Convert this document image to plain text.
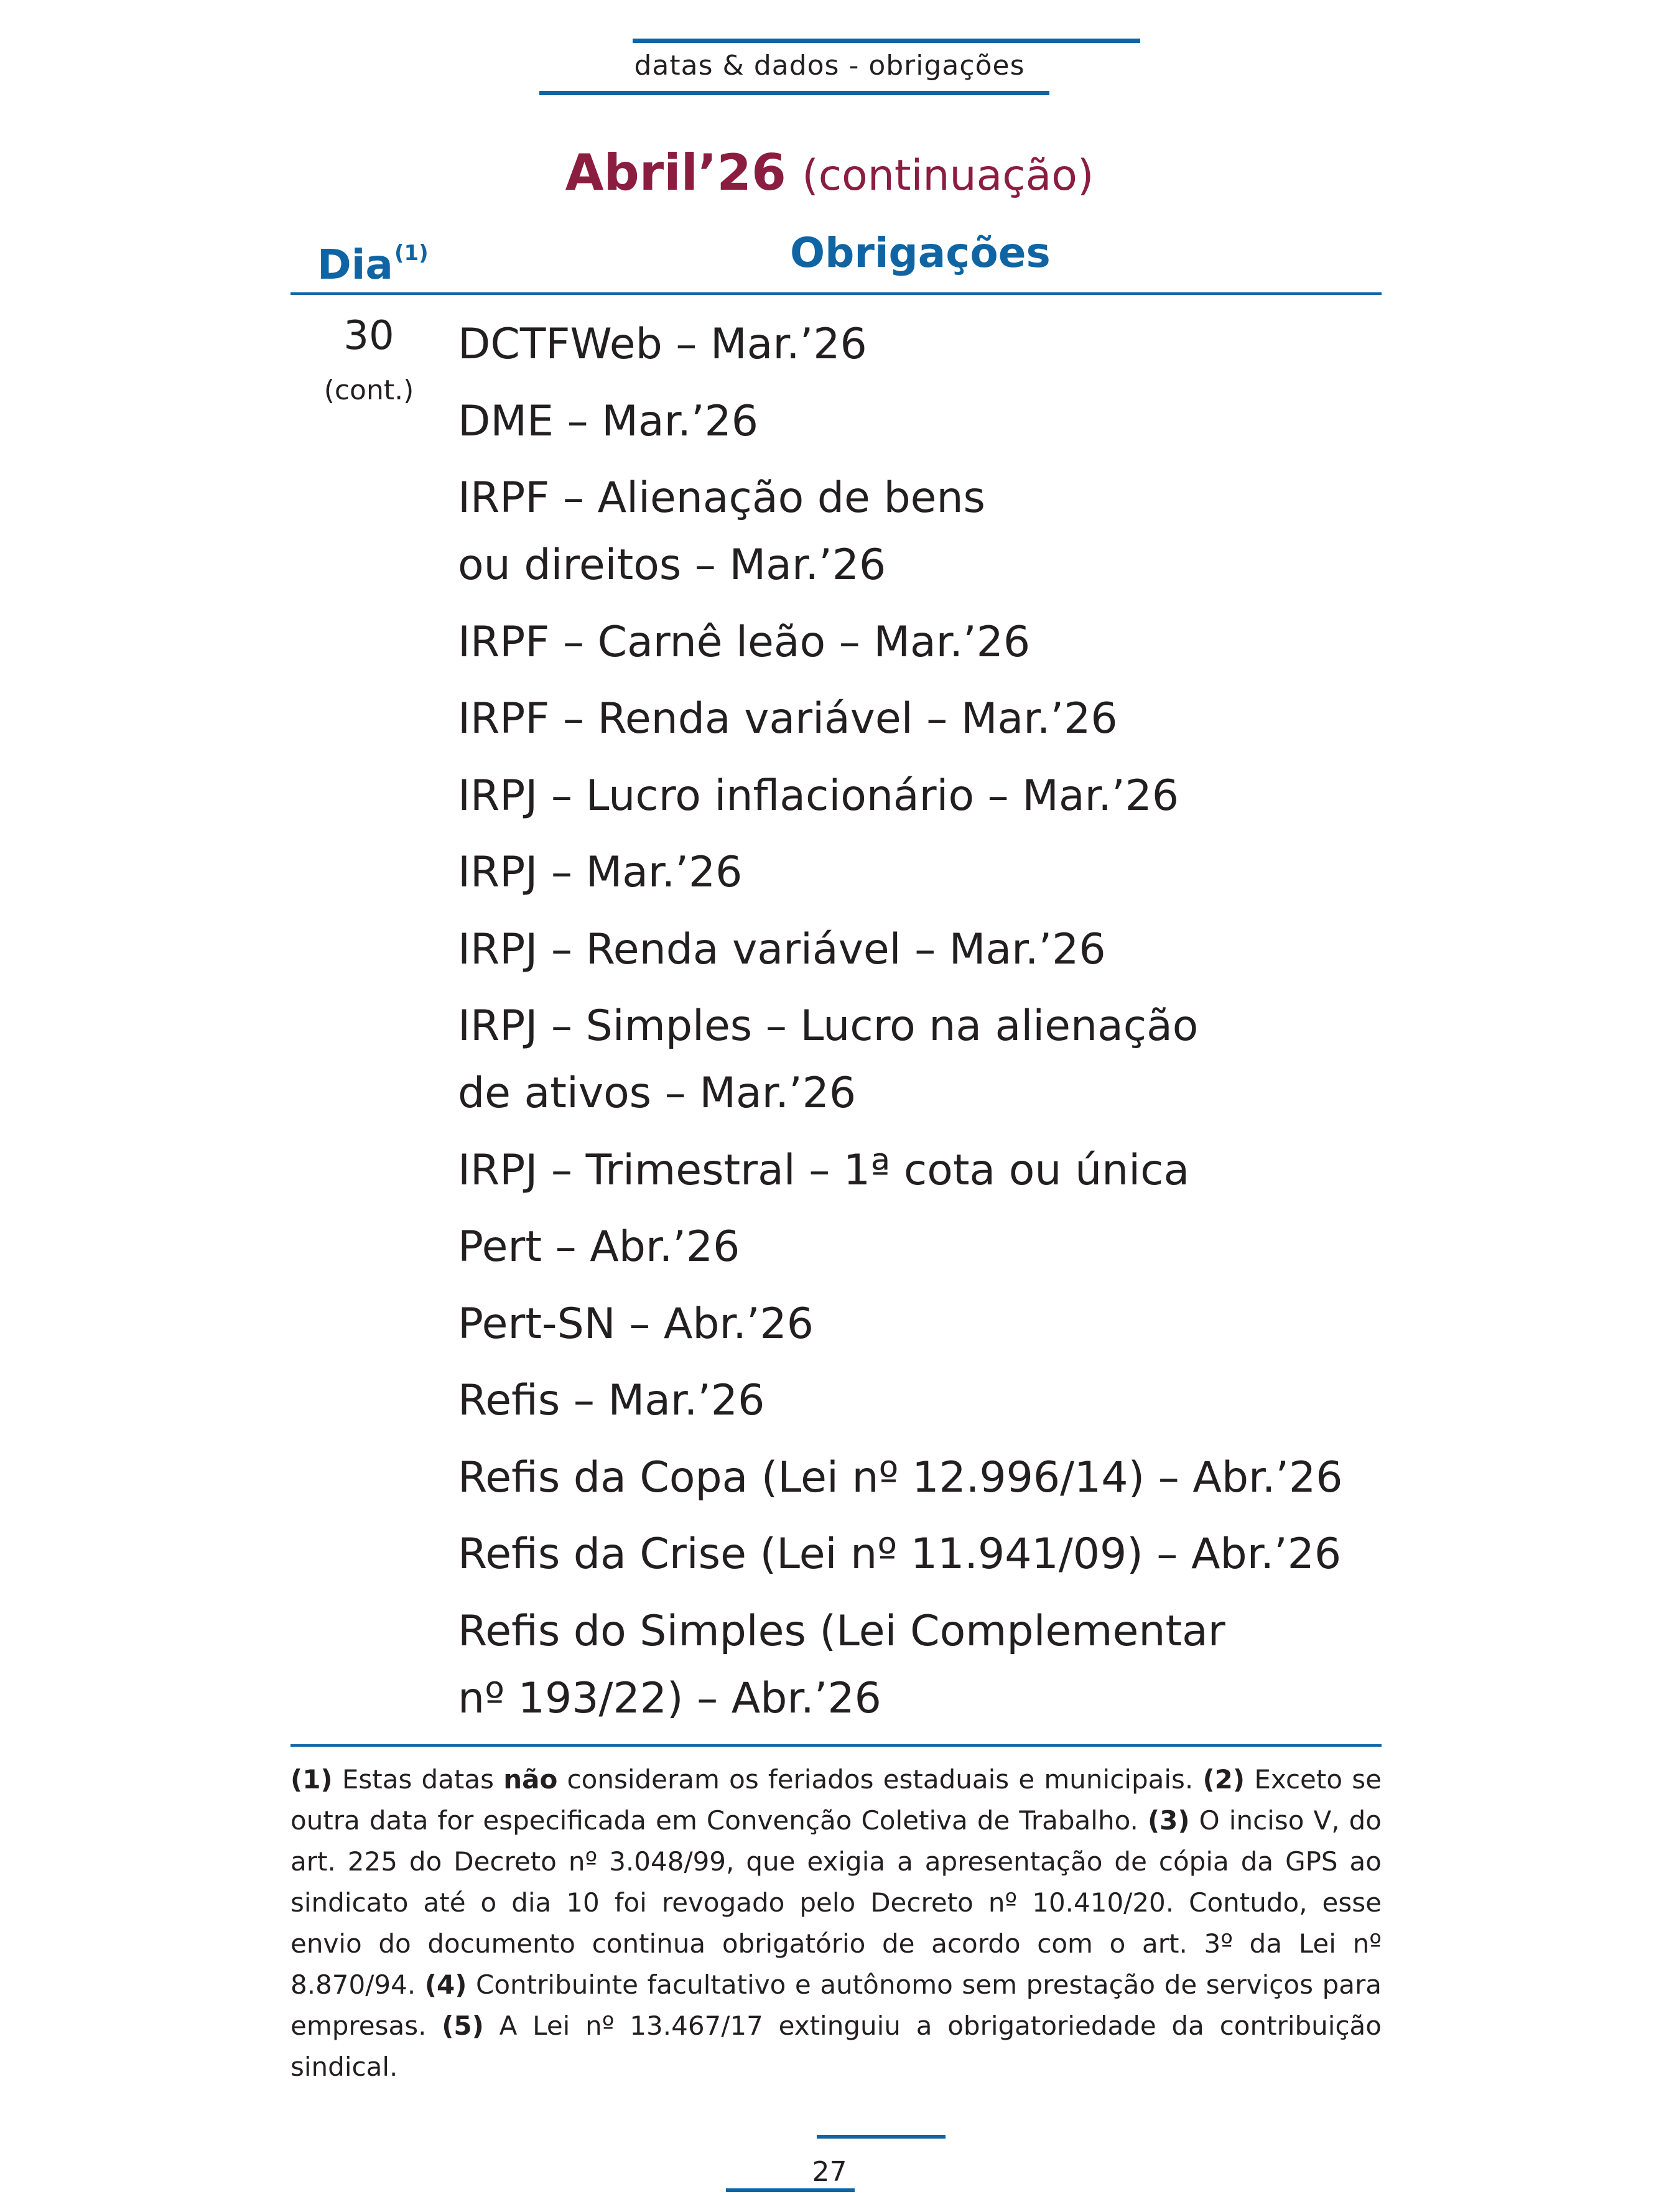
datas & dados - obrigações
Abril’26 (continuação)
Dia$^{(1)}$	Obrigações
30
(cont.)
DCTFWeb – Mar.’26
DME – Mar.’26
IRPF – Alienação de bens
ou direitos – Mar.’26
IRPF – Carnê leão – Mar.’26
IRPF – Renda variável – Mar.’26
IRPJ – Lucro inflacionário – Mar.’26
IRPJ – Mar.’26
IRPJ – Renda variável – Mar.’26
IRPJ – Simples – Lucro na alienação
de ativos – Mar.’26
IRPJ – Trimestral – 1ª cota ou única
Pert – Abr.’26
Pert-SN – Abr.’26
Refis – Mar.’26
Refis da Copa (Lei nº 12.996/14) – Abr.’26
Refis da Crise (Lei nº 11.941/09) – Abr.’26
Refis do Simples (Lei Complementar
nº 193/22) – Abr.’26
(1) Estas datas não consideram os feriados estaduais e municipais. (2) Exceto se outra data for especificada em Convenção Coletiva de Trabalho. (3) O inciso V, do art. 225 do Decreto nº 3.048/99, que exigia a apresentação de cópia da GPS ao sindicato até o dia 10 foi revogado pelo Decreto nº 10.410/20. Contudo, esse envio do documento continua obrigatório de acordo com o art. 3º da Lei nº 8.870/94. (4) Contribuinte facultativo e autônomo sem prestação de serviços para empresas. (5) A Lei nº 13.467/17 extinguiu a obrigatoriedade da contribuição sindical.
27
